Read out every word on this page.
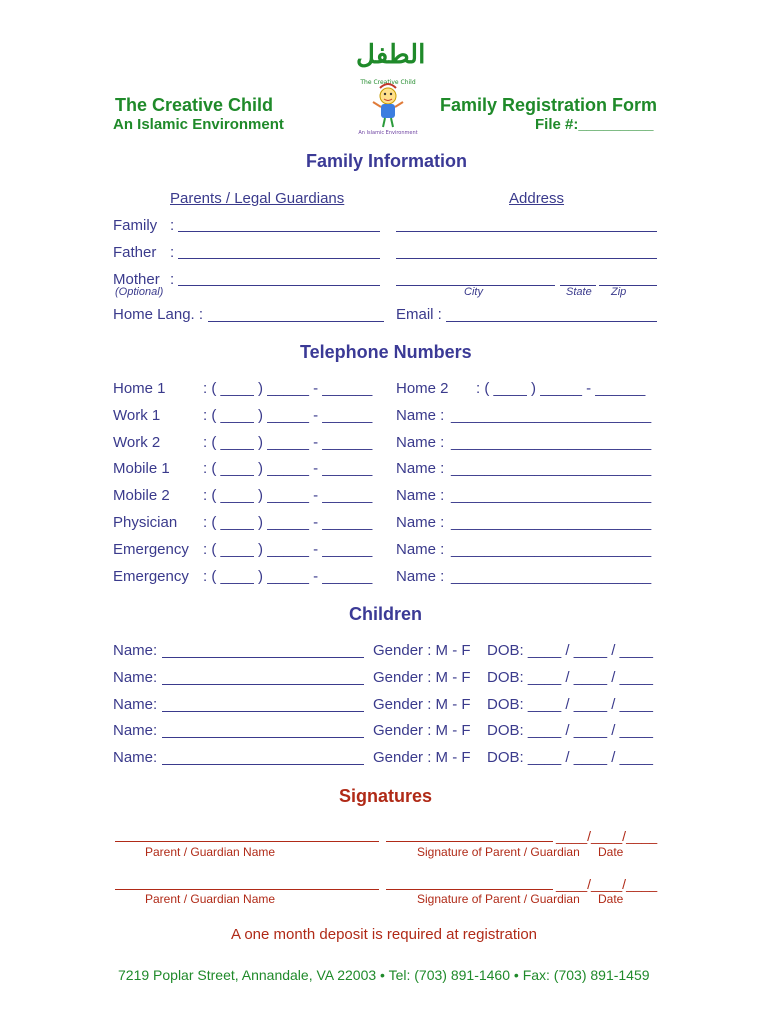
ﺍﻟﻄﻔﻞ
The Creative Child
An Islamic Environment
The Creative Child
An Islamic Environment
Family Registration Form
File #:_________
Family Information
Parents / Legal Guardians	Address
Family :
Father :
Mother :
(Optional)	City	State Zip
Home Lang. :	Email :
Telephone Numbers
Home 1 : ( ____ ) _____ - ______ Home 2 : ( ____ ) _____ - ______
Work 1	: ( ____ ) _____ - ______ Name : ________________________
Work 2	: ( ____ ) _____ - ______ Name : ________________________
Mobile 1 : ( ____ ) _____ - ______ Name : ________________________
Mobile 2 : ( ____ ) _____ - ______ Name : ________________________
Physician : ( ____ ) _____ - ______ Name : ________________________
Emergency : ( ____ ) _____ - ______ Name : ________________________
Emergency : ( ____ ) _____ - ______ Name : ________________________
Children
Name:	Gender : M - F DOB: ____ / ____ / ____
Name:	Gender : M - F DOB: ____ / ____ / ____
Name:	Gender : M - F DOB: ____ / ____ / ____
Name:	Gender : M - F DOB: ____ / ____ / ____
Name:	Gender : M - F DOB: ____ / ____ / ____
Signatures
____/____/____
Parent / Guardian Name	Signature of Parent / Guardian Date
____/____/____
Parent / Guardian Name	Signature of Parent / Guardian Date
A one month deposit is required at registration
7219 Poplar Street, Annandale, VA 22003 • Tel: (703) 891-1460 • Fax: (703) 891-1459
